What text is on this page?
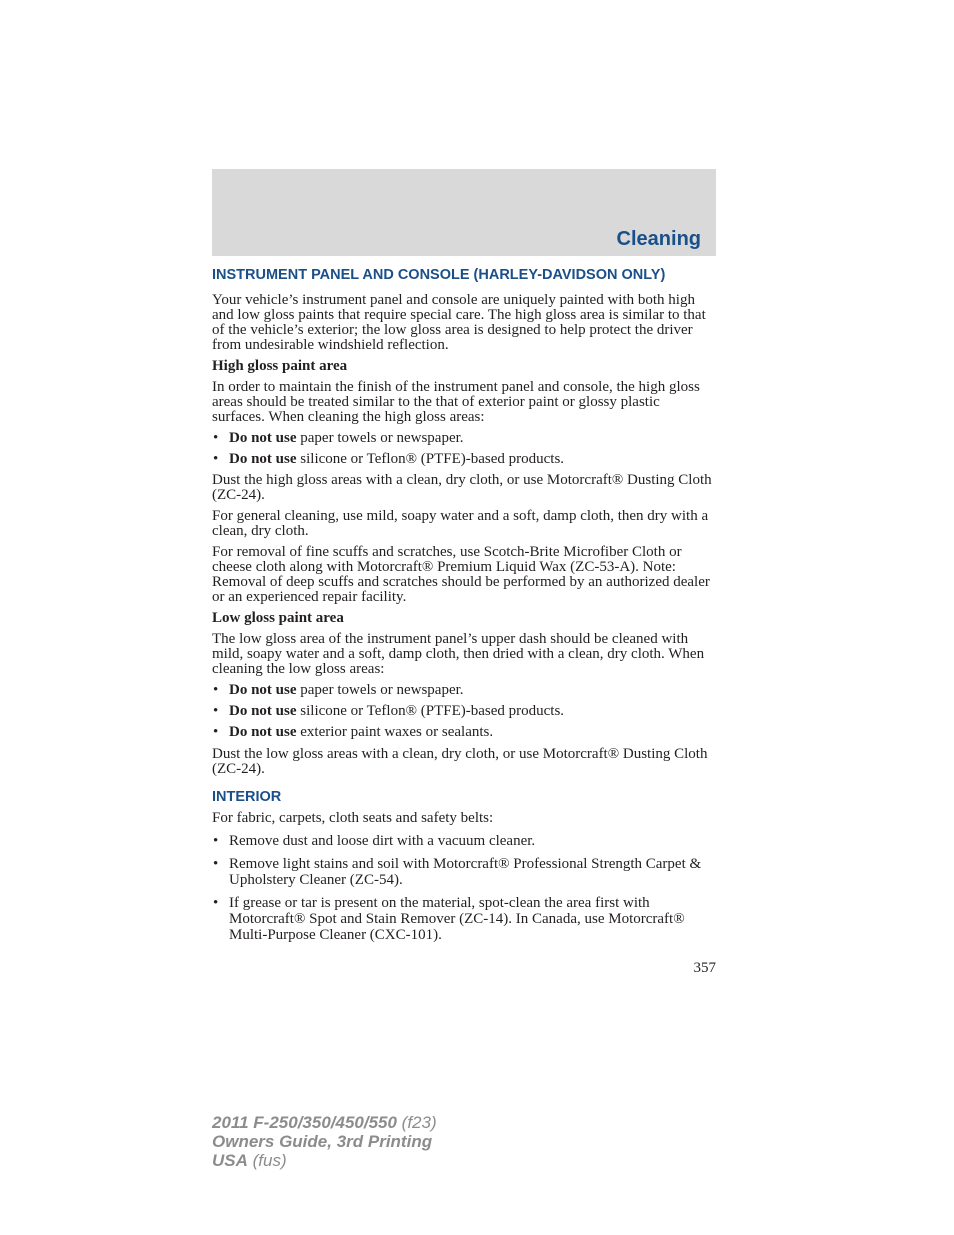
Cleaning
INSTRUMENT PANEL AND CONSOLE (HARLEY-DAVIDSON ONLY)

Your vehicle’s instrument panel and console are uniquely painted with both high and low gloss paints that require special care. The high gloss area is similar to that of the vehicle’s exterior; the low gloss area is designed to help protect the driver from undesirable windshield reflection.

High gloss paint area

In order to maintain the finish of the instrument panel and console, the high gloss areas should be treated similar to the that of exterior paint or glossy plastic surfaces. When cleaning the high gloss areas:

• Do not use paper towels or newspaper.
• Do not use silicone or Teflon® (PTFE)-based products.

Dust the high gloss areas with a clean, dry cloth, or use Motorcraft® Dusting Cloth (ZC-24).

For general cleaning, use mild, soapy water and a soft, damp cloth, then dry with a clean, dry cloth.

For removal of fine scuffs and scratches, use Scotch-Brite Microfiber Cloth or cheese cloth along with Motorcraft® Premium Liquid Wax (ZC-53-A). Note: Removal of deep scuffs and scratches should be performed by an authorized dealer or an experienced repair facility.

Low gloss paint area

The low gloss area of the instrument panel’s upper dash should be cleaned with mild, soapy water and a soft, damp cloth, then dried with a clean, dry cloth. When cleaning the low gloss areas:

• Do not use paper towels or newspaper.
• Do not use silicone or Teflon® (PTFE)-based products.
• Do not use exterior paint waxes or sealants.

Dust the low gloss areas with a clean, dry cloth, or use Motorcraft® Dusting Cloth (ZC-24).

INTERIOR

For fabric, carpets, cloth seats and safety belts:

• Remove dust and loose dirt with a vacuum cleaner.
• Remove light stains and soil with Motorcraft® Professional Strength Carpet & Upholstery Cleaner (ZC-54).
• If grease or tar is present on the material, spot-clean the area first with Motorcraft® Spot and Stain Remover (ZC-14). In Canada, use Motorcraft® Multi-Purpose Cleaner (CXC-101).
357
2011 F-250/350/450/550 (f23)
Owners Guide, 3rd Printing
USA (fus)
